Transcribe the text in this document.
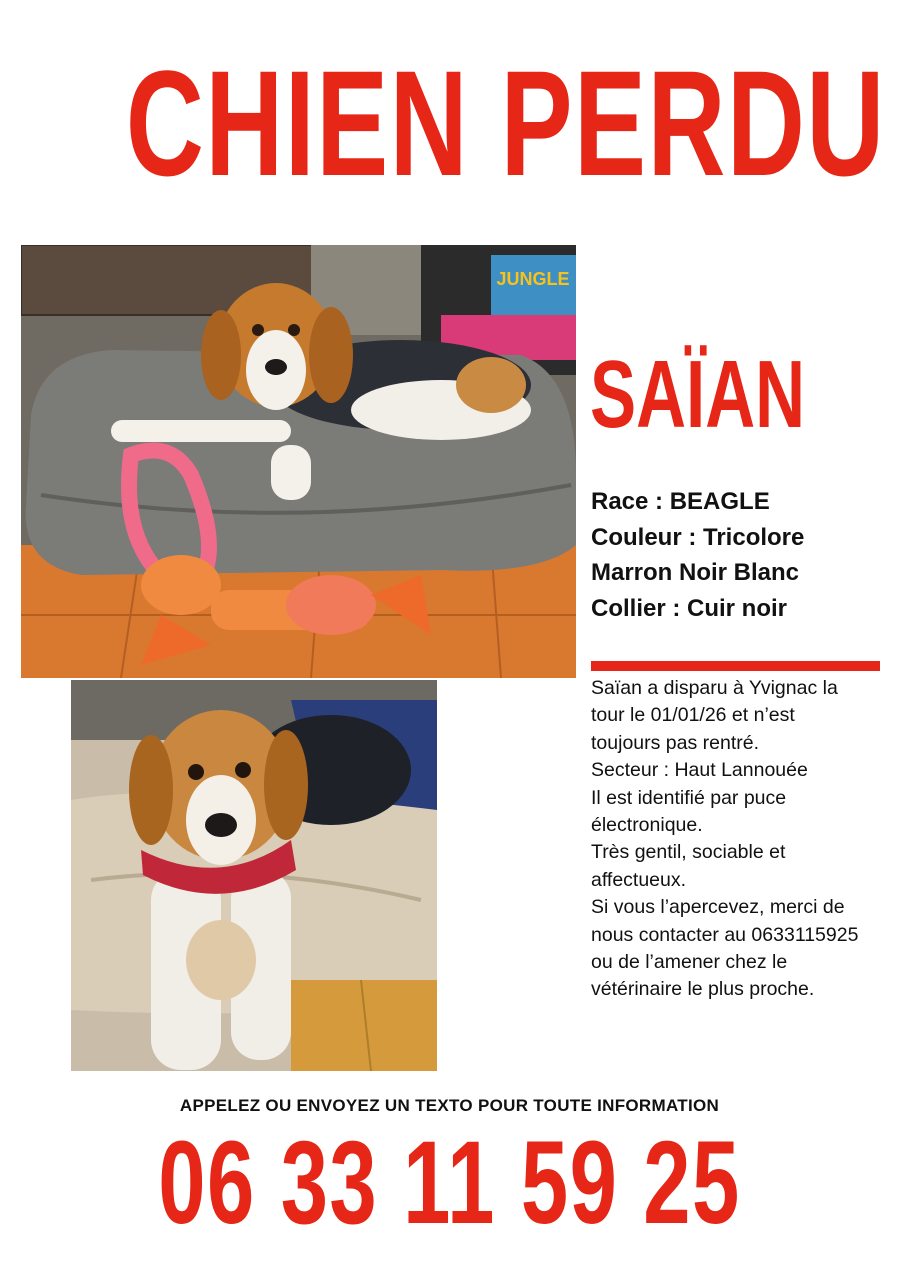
CHIEN PERDU
JUNGLE
SAÏAN
Race : BEAGLE
Couleur : Tricolore
Marron Noir Blanc
Collier : Cuir noir
Saïan a disparu à Yvignac la
tour le 01/01/26 et n’est
toujours pas rentré.
Secteur : Haut Lannouée
Il est identifié par puce
électronique.
Très gentil, sociable et
affectueux.
Si vous l’apercevez, merci de
nous contacter au 0633115925
ou de l’amener chez le
vétérinaire le plus proche.
APPELEZ OU ENVOYEZ UN TEXTO POUR TOUTE INFORMATION
06 33 11 59 25
